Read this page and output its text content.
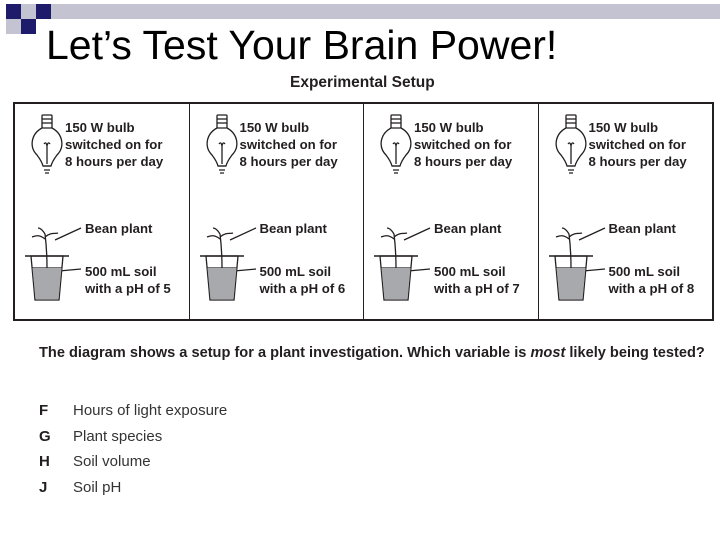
Let’s Test Your Brain Power!
Experimental Setup
150 W bulb
switched on for
8 hours per day
Bean plant
500 mL soil
with a pH of 5
150 W bulb
switched on for
8 hours per day
Bean plant
500 mL soil
with a pH of 6
150 W bulb
switched on for
8 hours per day
Bean plant
500 mL soil
with a pH of 7
150 W bulb
switched on for
8 hours per day
Bean plant
500 mL soil
with a pH of 8
The diagram shows a setup for a plant investigation. Which variable is most likely being tested?
F Hours of light exposure
G Plant species
H Soil volume
J Soil pH
